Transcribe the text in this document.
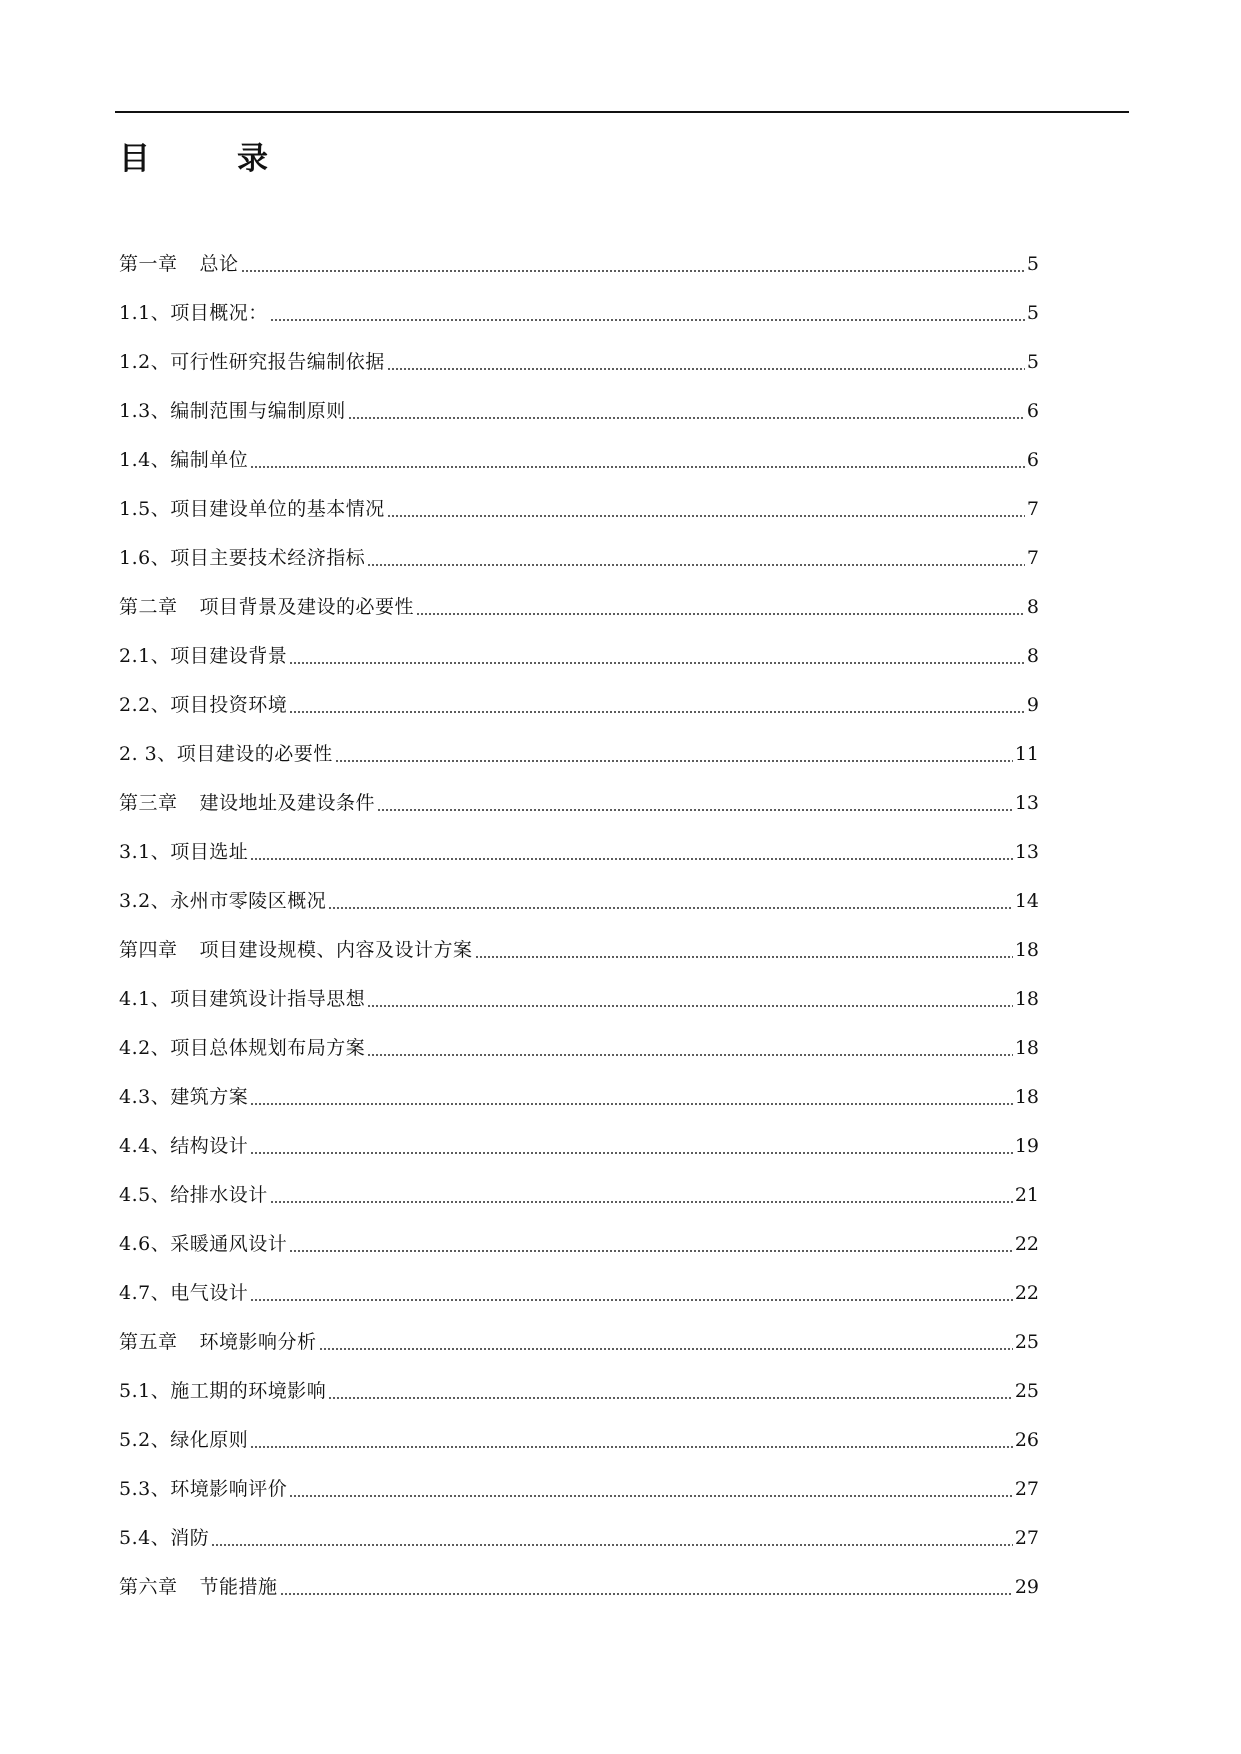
目	录
第一章 总论	5
1.1、项目概况：	5
1.2、可行性研究报告编制依据	5
1.3、编制范围与编制原则	6
1.4、编制单位	6
1.5、项目建设单位的基本情况	7
1.6、项目主要技术经济指标	7
第二章 项目背景及建设的必要性	8
2.1、项目建设背景	8
2.2、项目投资环境	9
2. 3、项目建设的必要性	11
第三章 建设地址及建设条件	13
3.1、项目选址	13
3.2、永州市零陵区概况	14
第四章 项目建设规模、内容及设计方案	18
4.1、项目建筑设计指导思想	18
4.2、项目总体规划布局方案	18
4.3、建筑方案	18
4.4、结构设计	19
4.5、给排水设计	21
4.6、采暖通风设计	22
4.7、电气设计	22
第五章 环境影响分析	25
5.1、施工期的环境影响	25
5.2、绿化原则	26
5.3、环境影响评价	27
5.4、消防	27
第六章 节能措施	29
